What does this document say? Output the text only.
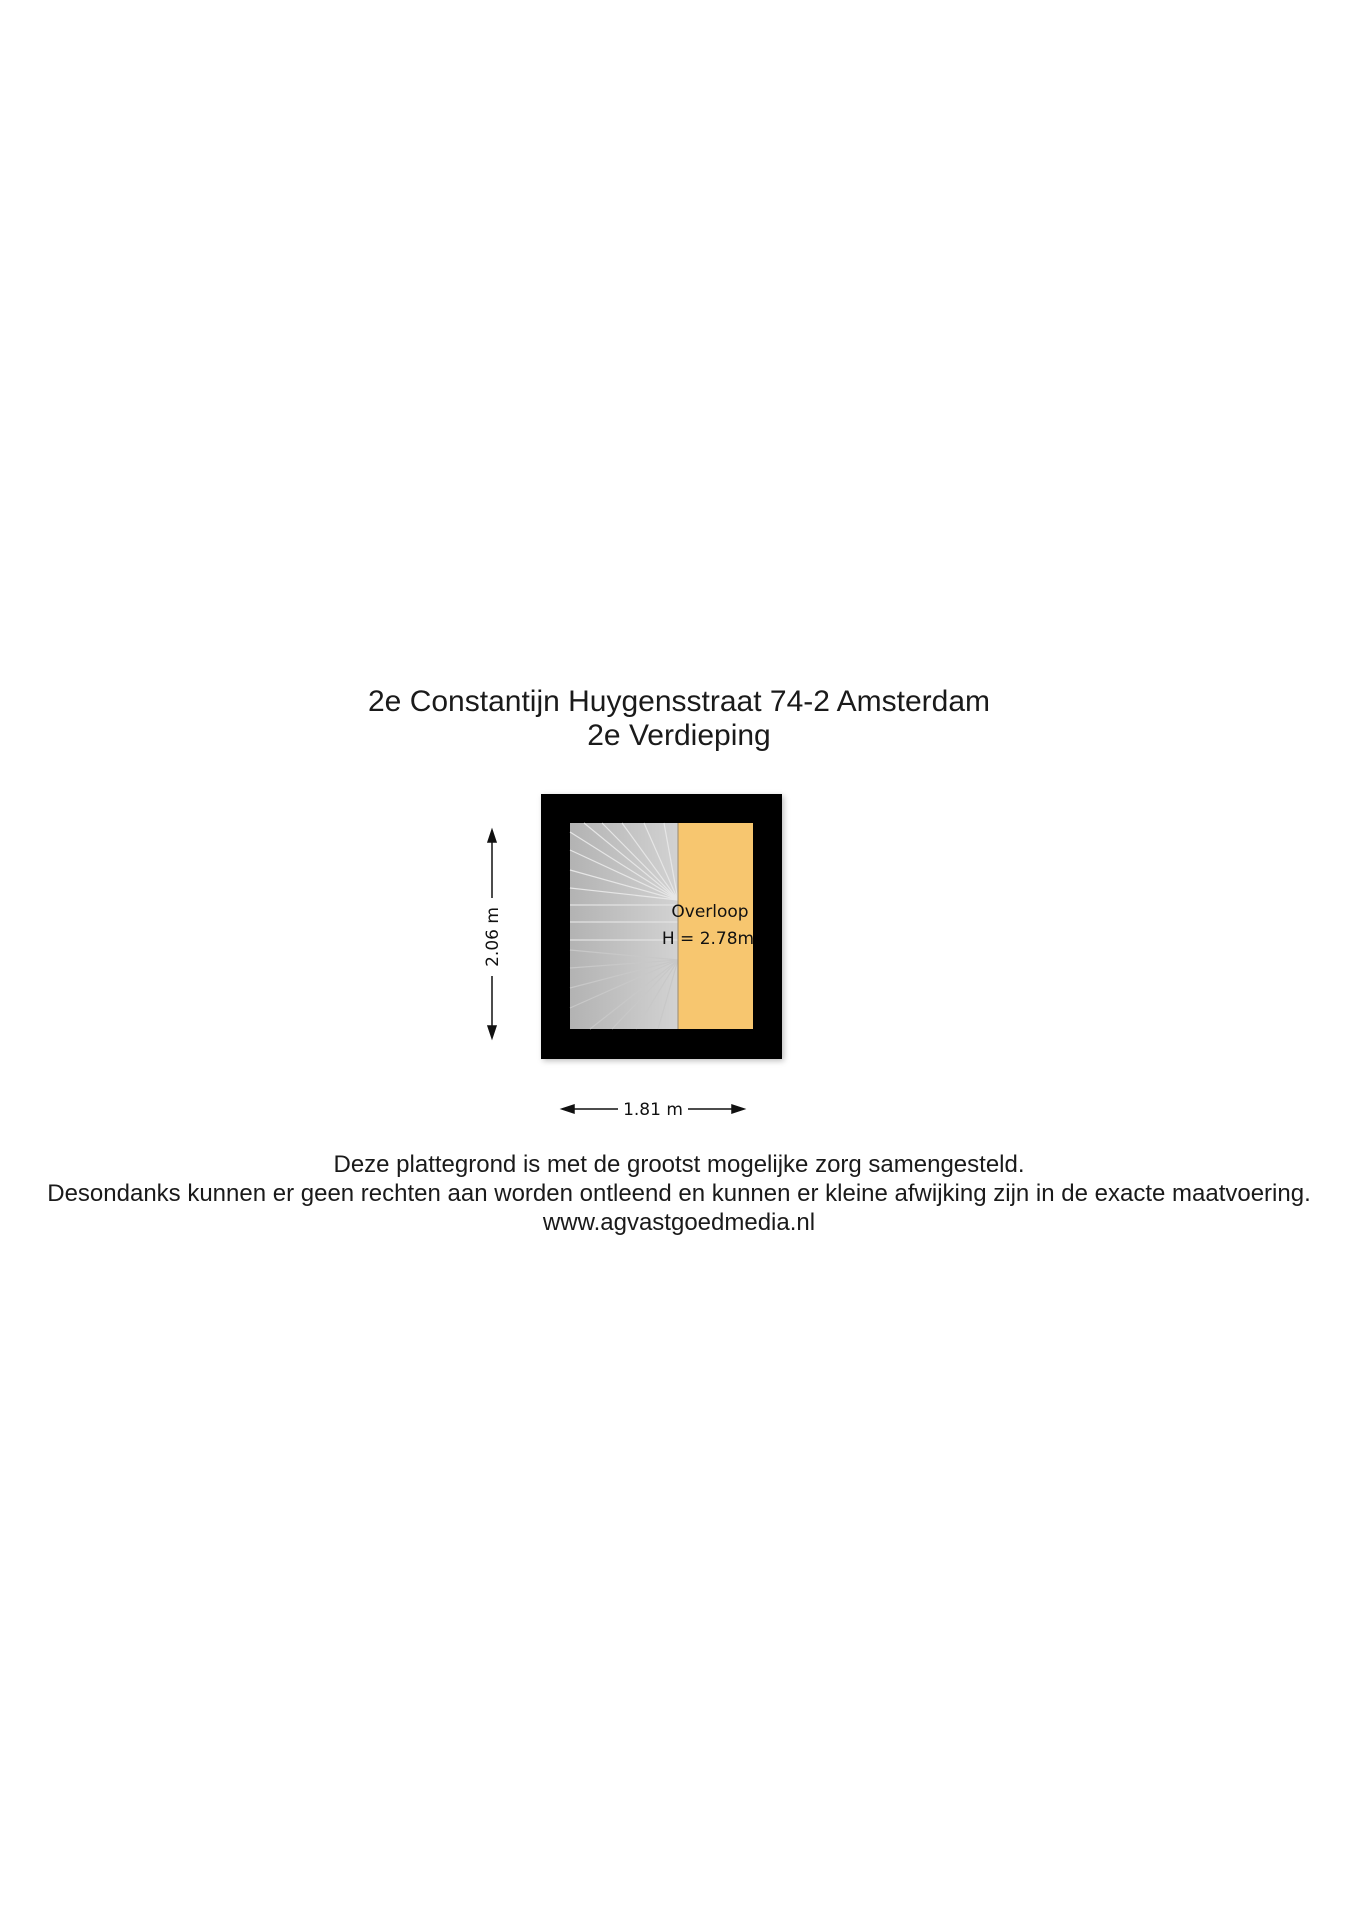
2e Constantijn Huygensstraat 74-2 Amsterdam
2e Verdieping
Overloop
H = 2.78m
2.06 m
1.81 m
Deze plattegrond is met de grootst mogelijke zorg samengesteld.
Desondanks kunnen er geen rechten aan worden ontleend en kunnen er kleine afwijking zijn in de exacte maatvoering.
www.agvastgoedmedia.nl
